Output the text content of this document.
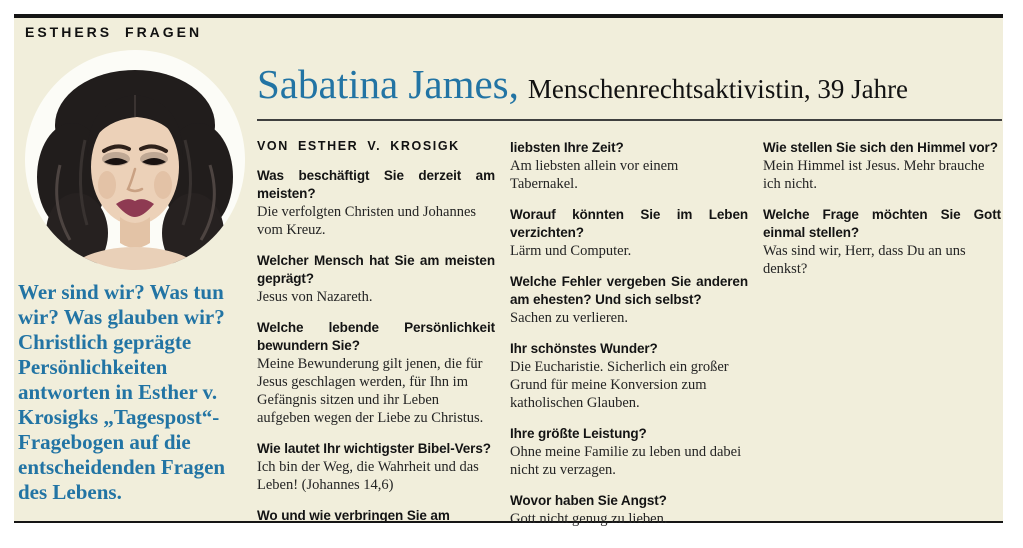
ESTHERS FRAGEN

Wer sind wir? Was tun wir? Was glauben wir? Christlich geprägte Persönlichkeiten antworten in Esther v. Krosigks „Tagespost“-Fragebogen auf die entscheidenden Fragen des Lebens.

Sabatina James, Menschenrechtsaktivistin, 39 Jahre
VON ESTHER V. KROSIGK

Was beschäftigt Sie derzeit am meisten?

Die verfolgten Christen und Johannes vom Kreuz.

Welcher Mensch hat Sie am meisten geprägt?

Jesus von Nazareth.

Welche lebende Persönlichkeit bewundern Sie?

Meine Bewunderung gilt jenen, die für Jesus geschlagen werden, für Ihn im Gefängnis sitzen und ihr Leben aufgeben wegen der Liebe zu Christus.

Wie lautet Ihr wichtigster Bibel-Vers?

Ich bin der Weg, die Wahrheit und das Leben! (Johannes 14,6)

Wo und wie verbringen Sie am

liebsten Ihre Zeit?

Am liebsten allein vor einem Tabernakel.

Worauf könnten Sie im Leben verzichten?

Lärm und Computer.

Welche Fehler vergeben Sie anderen am ehesten? Und sich selbst?

Sachen zu verlieren.

Ihr schönstes Wunder?

Die Eucharistie. Sicherlich ein großer Grund für meine Konversion zum katholischen Glauben.

Ihre größte Leistung?

Ohne meine Familie zu leben und dabei nicht zu verzagen.

Wovor haben Sie Angst?

Gott nicht genug zu lieben.

Wie stellen Sie sich den Himmel vor?

Mein Himmel ist Jesus. Mehr brauche ich nicht.

Welche Frage möchten Sie Gott einmal stellen?

Was sind wir, Herr, dass Du an uns denkst?
